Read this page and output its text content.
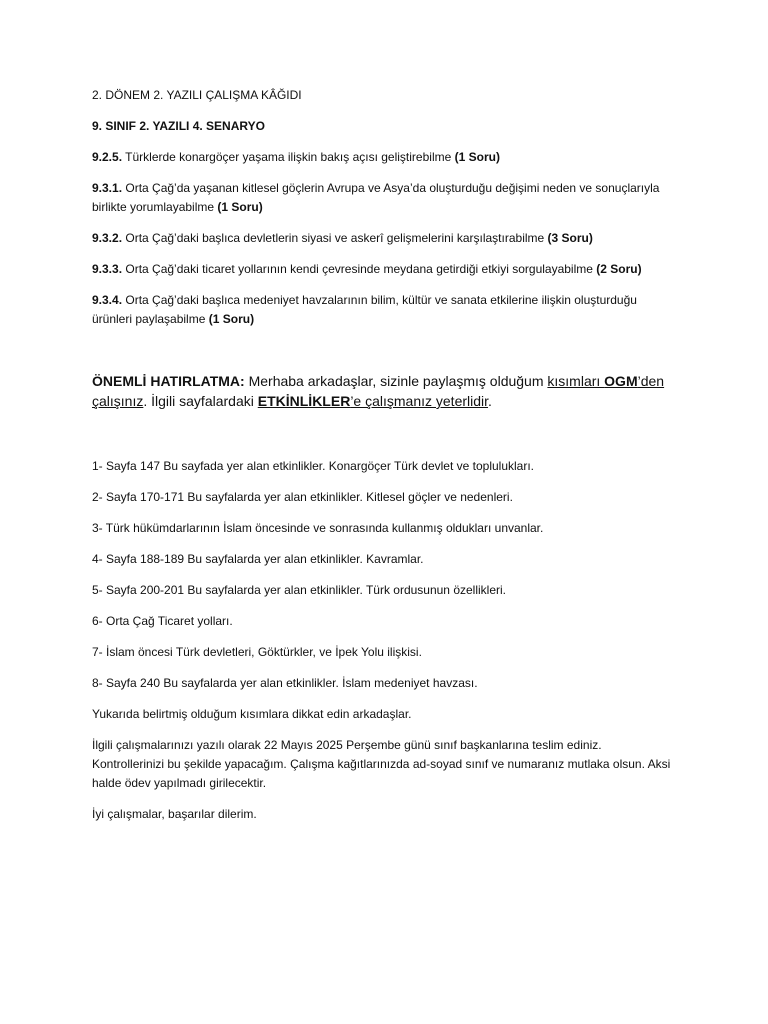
2. DÖNEM 2. YAZILI ÇALIŞMA KÂĞIDI

9. SINIF 2. YAZILI 4. SENARYO

9.2.5. Türklerde konargöçer yaşama ilişkin bakış açısı geliştirebilme (1 Soru)

9.3.1. Orta Çağ’da yaşanan kitlesel göçlerin Avrupa ve Asya’da oluşturduğu değişimi neden ve sonuçlarıyla birlikte yorumlayabilme (1 Soru)

9.3.2. Orta Çağ’daki başlıca devletlerin siyasi ve askerî gelişmelerini karşılaştırabilme (3 Soru)

9.3.3. Orta Çağ’daki ticaret yollarının kendi çevresinde meydana getirdiği etkiyi sorgulayabilme (2 Soru)

9.3.4. Orta Çağ’daki başlıca medeniyet havzalarının bilim, kültür ve sanata etkilerine ilişkin oluşturduğu ürünleri paylaşabilme (1 Soru)

ÖNEMLİ HATIRLATMA: Merhaba arkadaşlar, sizinle paylaşmış olduğum kısımları OGM’den çalışınız. İlgili sayfalardaki ETKİNLİKLER’e çalışmanız yeterlidir.

1- Sayfa 147 Bu sayfada yer alan etkinlikler. Konargöçer Türk devlet ve toplulukları.

2- Sayfa 170-171 Bu sayfalarda yer alan etkinlikler. Kitlesel göçler ve nedenleri.

3- Türk hükümdarlarının İslam öncesinde ve sonrasında kullanmış oldukları unvanlar.

4- Sayfa 188-189 Bu sayfalarda yer alan etkinlikler. Kavramlar.

5- Sayfa 200-201 Bu sayfalarda yer alan etkinlikler. Türk ordusunun özellikleri.

6- Orta Çağ Ticaret yolları.

7- İslam öncesi Türk devletleri, Göktürkler, ve İpek Yolu ilişkisi.

8- Sayfa 240 Bu sayfalarda yer alan etkinlikler. İslam medeniyet havzası.

Yukarıda belirtmiş olduğum kısımlara dikkat edin arkadaşlar.

İlgili çalışmalarınızı yazılı olarak 22 Mayıs 2025 Perşembe günü sınıf başkanlarına teslim ediniz. Kontrollerinizi bu şekilde yapacağım. Çalışma kağıtlarınızda ad-soyad sınıf ve numaranız mutlaka olsun. Aksi halde ödev yapılmadı girilecektir.

İyi çalışmalar, başarılar dilerim.
